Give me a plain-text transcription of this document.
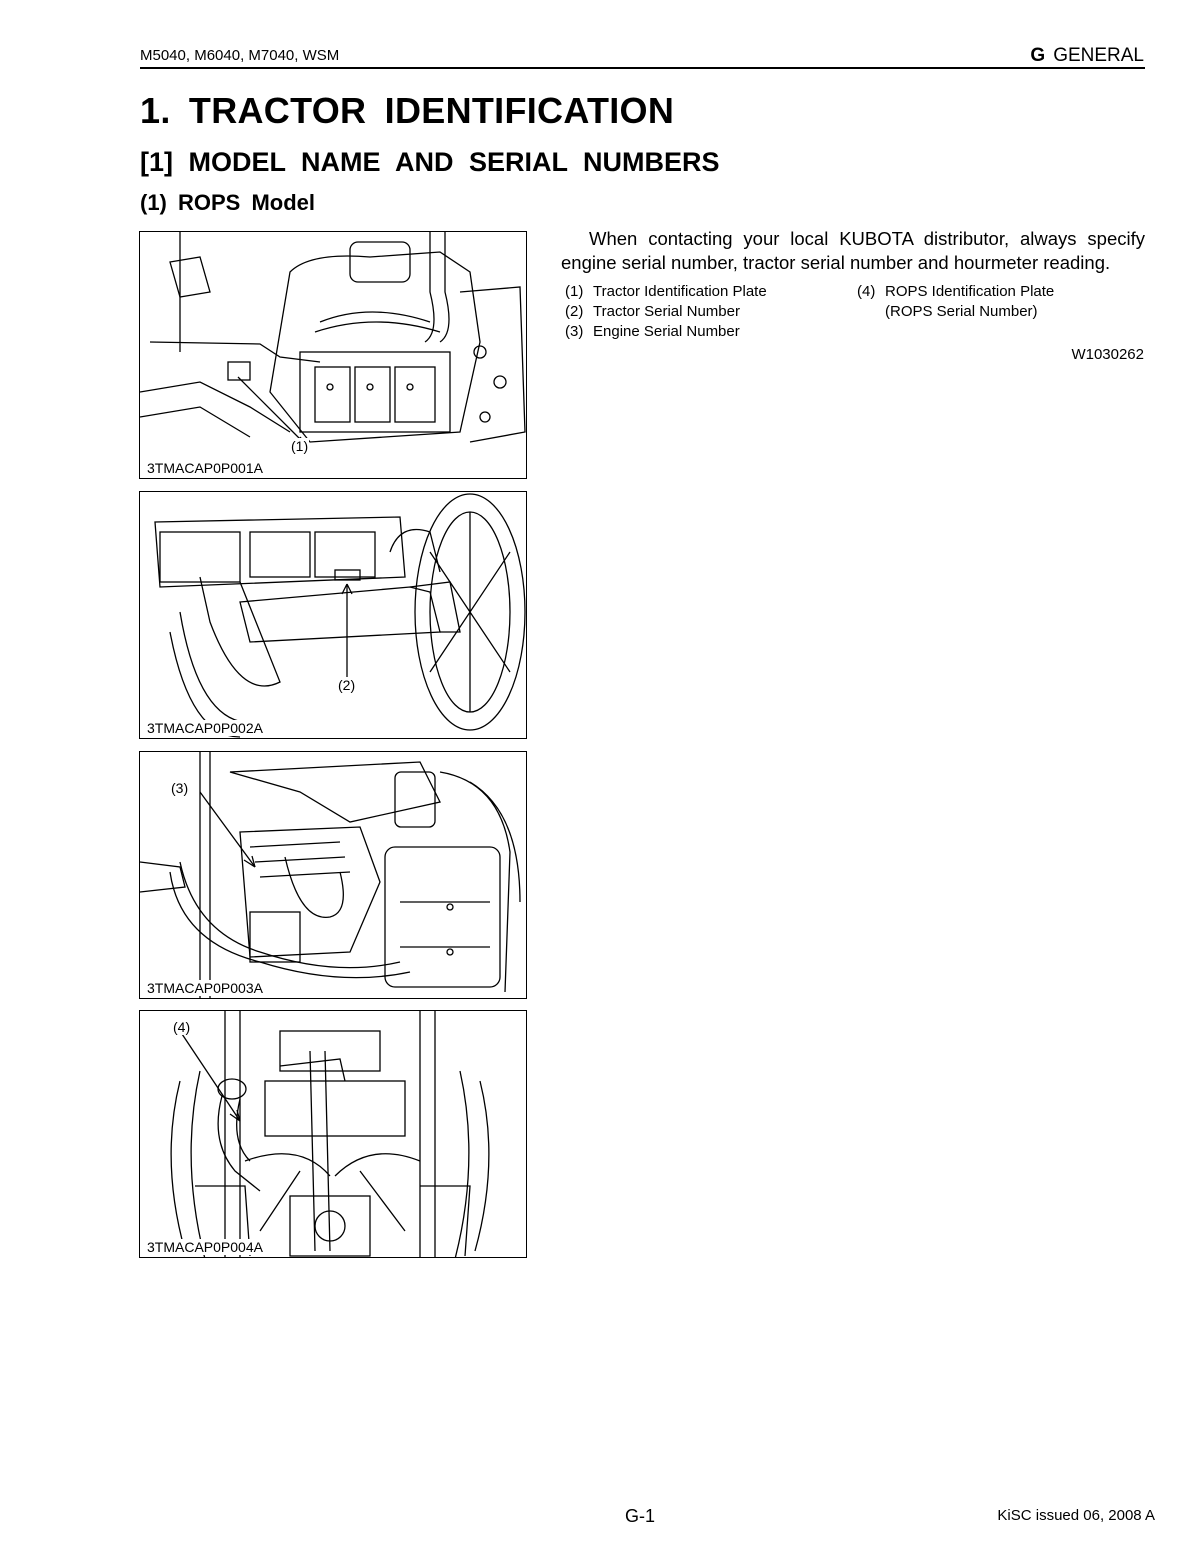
M5040, M6040, M7040, WSM	G GENERAL
1. TRACTOR IDENTIFICATION
[1] MODEL NAME AND SERIAL NUMBERS
(1) ROPS Model
When contacting your local KUBOTA distributor, always specify engine serial number, tractor serial number and hourmeter reading.
(1) Tractor Identification Plate
(2) Tractor Serial Number
(3) Engine Serial Number
(4) ROPS Identification Plate
(ROPS Serial Number)
W1030262
(1)
3TMACAP0P001A
(2)
3TMACAP0P002A
(3)
3TMACAP0P003A
(4)
3TMACAP0P004A
G-1	KiSC issued 06, 2008 A
